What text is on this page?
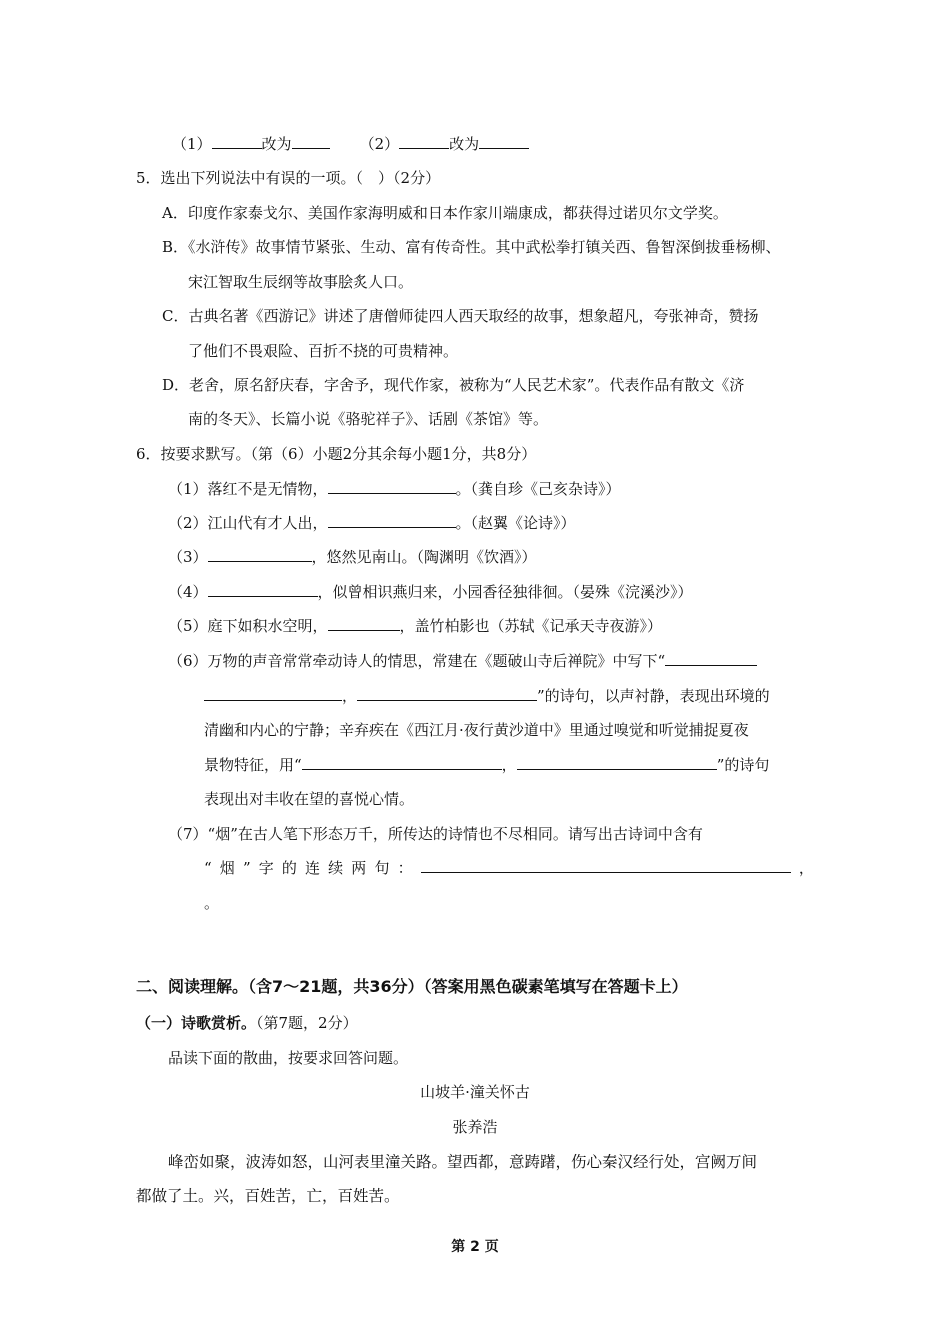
（1）	改为	（2）	改为
5．选出下列说法中有误的一项。（　）（2分）
A．印度作家泰戈尔、美国作家海明威和日本作家川端康成，都获得过诺贝尔文学奖。
B．《水浒传》故事情节紧张、生动、富有传奇性。其中武松拳打镇关西、鲁智深倒拔垂杨柳、
宋江智取生辰纲等故事脍炙人口。
C．古典名著《西游记》讲述了唐僧师徒四人西天取经的故事，想象超凡，夸张神奇，赞扬
了他们不畏艰险、百折不挠的可贵精神。
D．老舍，原名舒庆春，字舍予，现代作家，被称为“人民艺术家”。代表作品有散文《济
南的冬天》、长篇小说《骆驼祥子》、话剧《茶馆》等。
6．按要求默写。（第（6）小题2分其余每小题1分，共8分）
（1）落红不是无情物，	。（龚自珍《己亥杂诗》）
（2）江山代有才人出，	。（赵翼《论诗》）
（3）	，悠然见南山。（陶渊明《饮酒》）
（4）	，似曾相识燕归来，小园香径独徘徊。（晏殊《浣溪沙》）
（5）庭下如积水空明，	，盖竹柏影也（苏轼《记承天寺夜游》）
（6）万物的声音常常牵动诗人的情思，常建在《题破山寺后禅院》中写下“
，	”的诗句，以声衬静，表现出环境的
清幽和内心的宁静；辛弃疾在《西江月·夜行黄沙道中》里通过嗅觉和听觉捕捉夏夜
景物特征，用“	，	”的诗句
表现出对丰收在望的喜悦心情。
（7）“烟”在古人笔下形态万千，所传达的诗情也不尽相同。请写出古诗词中含有
“ 烟 ” 字 的 连 续 两 句 ：	，
。
二、阅读理解。（含7～21题，共36分）（答案用黑色碳素笔填写在答题卡上）
（一）诗歌赏析。（第7题，2分）
品读下面的散曲，按要求回答问题。
山坡羊·潼关怀古
张养浩
峰峦如聚，波涛如怒，山河表里潼关路。望西都，意踌躇，伤心秦汉经行处，宫阙万间
都做了土。兴，百姓苦，亡，百姓苦。
第 2 页
